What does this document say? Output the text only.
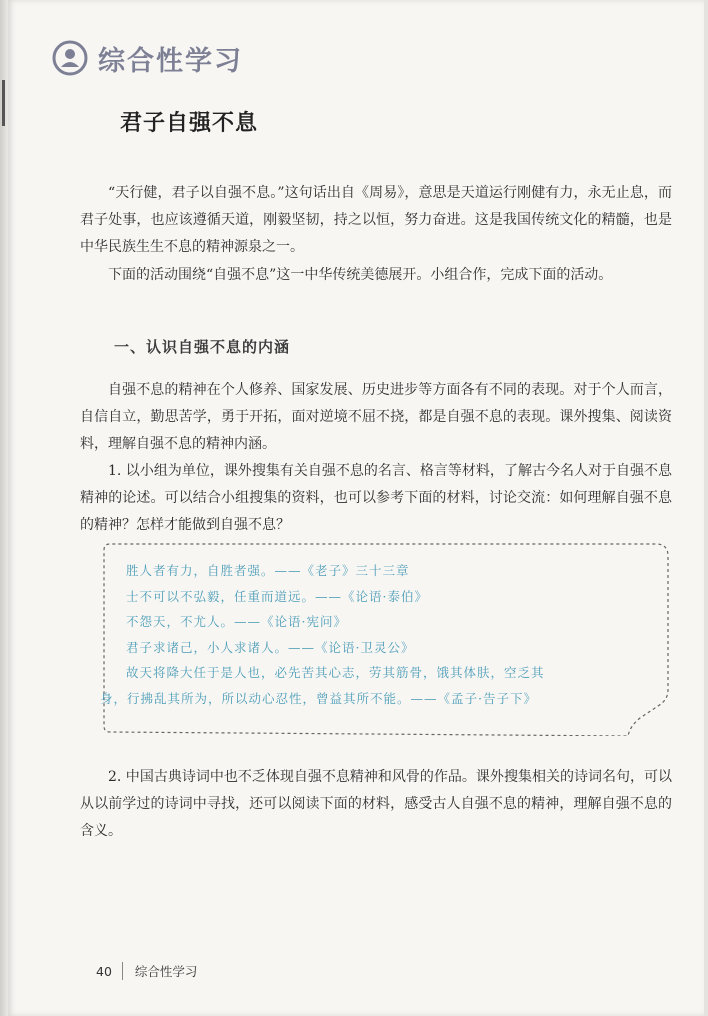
综合性学习
君子自强不息

“天行健，君子以自强不息。”这句话出自《周易》，意思是天道运行刚健有力，永无止息，而君子处事，也应该遵循天道，刚毅坚韧，持之以恒，努力奋进。这是我国传统文化的精髓，也是中华民族生生不息的精神源泉之一。

下面的活动围绕“自强不息”这一中华传统美德展开。小组合作，完成下面的活动。

一、认识自强不息的内涵

自强不息的精神在个人修养、国家发展、历史进步等方面各有不同的表现。对于个人而言，自信自立，勤思苦学，勇于开拓，面对逆境不屈不挠，都是自强不息的表现。课外搜集、阅读资料，理解自强不息的精神内涵。

1. 以小组为单位，课外搜集有关自强不息的名言、格言等材料，了解古今名人对于自强不息精神的论述。可以结合小组搜集的资料，也可以参考下面的材料，讨论交流：如何理解自强不息的精神？怎样才能做到自强不息？

胜人者有力，自胜者强。——《老子》三十三章
士不可以不弘毅，任重而道远。——《论语·泰伯》
不怨天，不尤人。——《论语·宪问》
君子求诸己，小人求诸人。——《论语·卫灵公》
故天将降大任于是人也，必先苦其心志，劳其筋骨，饿其体肤，空乏其
身，行拂乱其所为，所以动心忍性，曾益其所不能。——《孟子·告子下》

2. 中国古典诗词中也不乏体现自强不息精神和风骨的作品。课外搜集相关的诗词名句，可以从以前学过的诗词中寻找，还可以阅读下面的材料，感受古人自强不息的精神，理解自强不息的含义。

40 综合性学习
